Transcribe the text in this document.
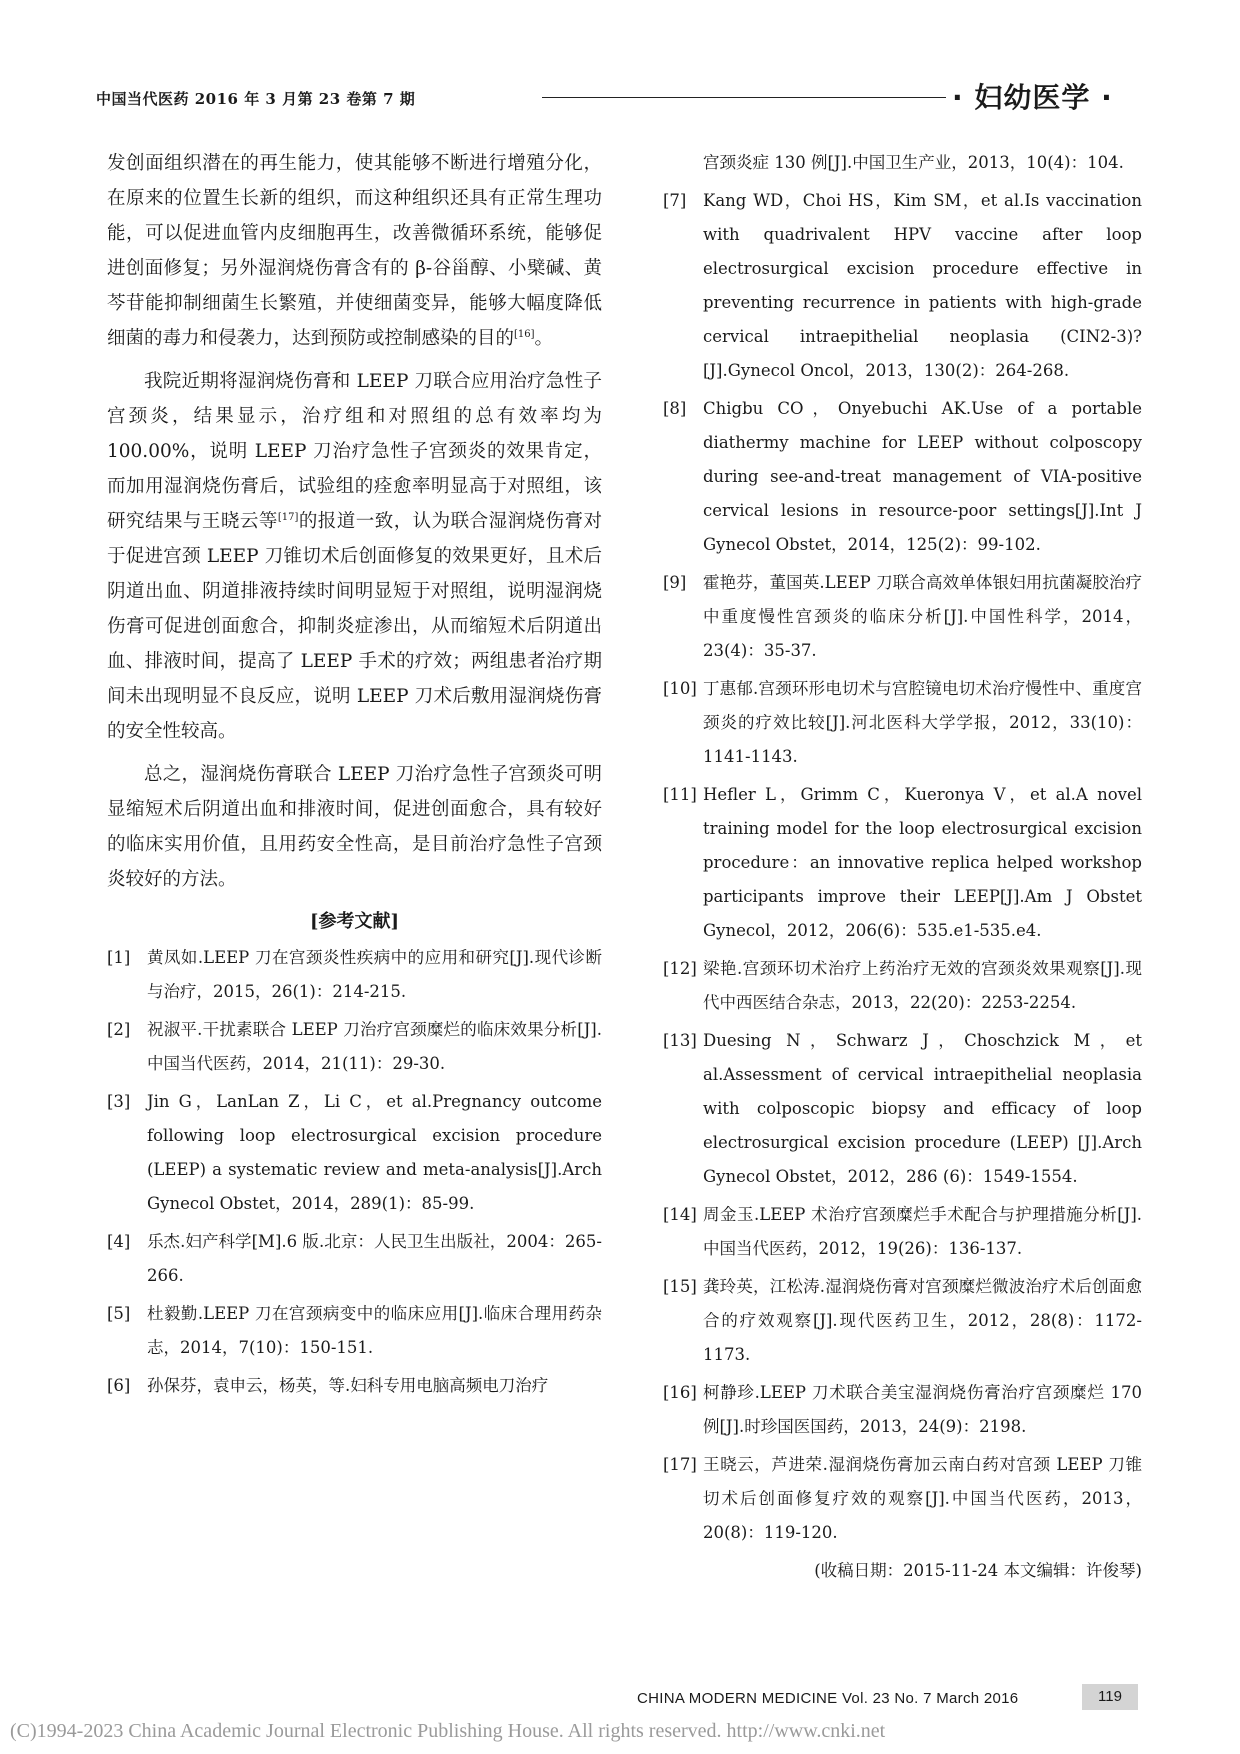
中国当代医药 2016 年 3 月第 23 卷第 7 期	· 妇幼医学 ·

发创面组织潜在的再生能力，使其能够不断进行增殖分化，在原来的位置生长新的组织，而这种组织还具有正常生理功能，可以促进血管内皮细胞再生，改善微循环系统，能够促进创面修复；另外湿润烧伤膏含有的 β-谷甾醇、小檗碱、黄芩苷能抑制细菌生长繁殖，并使细菌变异，能够大幅度降低细菌的毒力和侵袭力，达到预防或控制感染的目的[16]。

我院近期将湿润烧伤膏和 LEEP 刀联合应用治疗急性子宫颈炎，结果显示，治疗组和对照组的总有效率均为 100.00%，说明 LEEP 刀治疗急性子宫颈炎的效果肯定，而加用湿润烧伤膏后，试验组的痊愈率明显高于对照组，该研究结果与王晓云等[17]的报道一致，认为联合湿润烧伤膏对于促进宫颈 LEEP 刀锥切术后创面修复的效果更好，且术后阴道出血、阴道排液持续时间明显短于对照组，说明湿润烧伤膏可促进创面愈合，抑制炎症渗出，从而缩短术后阴道出血、排液时间，提高了 LEEP 手术的疗效；两组患者治疗期间未出现明显不良反应，说明 LEEP 刀术后敷用湿润烧伤膏的安全性较高。

总之，湿润烧伤膏联合 LEEP 刀治疗急性子宫颈炎可明显缩短术后阴道出血和排液时间，促进创面愈合，具有较好的临床实用价值，且用药安全性高，是目前治疗急性子宫颈炎较好的方法。

[参考文献]
[1]	黄凤如.LEEP 刀在宫颈炎性疾病中的应用和研究[J].现代诊断与治疗，2015，26(1)：214-215.
[2]	祝淑平.干扰素联合 LEEP 刀治疗宫颈糜烂的临床效果分析[J].中国当代医药，2014，21(11)：29-30.
[3]	Jin G，LanLan Z，Li C，et al.Pregnancy outcome following loop electrosurgical excision procedure (LEEP) a systematic review and meta-analysis[J].Arch Gynecol Obstet，2014，289(1)：85-99.
[4]	乐杰.妇产科学[M].6 版.北京：人民卫生出版社，2004：265-266.
[5]	杜毅勤.LEEP 刀在宫颈病变中的临床应用[J].临床合理用药杂志，2014，7(10)：150-151.
[6]	孙保芬，袁申云，杨英，等.妇科专用电脑高频电刀治疗
宫颈炎症 130 例[J].中国卫生产业，2013，10(4)：104.
[7]	Kang WD，Choi HS，Kim SM，et al.Is vaccination with quadrivalent HPV vaccine after loop electrosurgical excision procedure effective in preventing recurrence in patients with high-grade cervical intraepithelial neoplasia (CIN2-3)?[J].Gynecol Oncol，2013，130(2)：264-268.
[8]	Chigbu CO，Onyebuchi AK.Use of a portable diathermy machine for LEEP without colposcopy during see-and-treat management of VIA-positive cervical lesions in resource-poor settings[J].Int J Gynecol Obstet，2014，125(2)：99-102.
[9]	霍艳芬，董国英.LEEP 刀联合高效单体银妇用抗菌凝胶治疗中重度慢性宫颈炎的临床分析[J].中国性科学，2014，23(4)：35-37.
[10] 丁惠郁.宫颈环形电切术与宫腔镜电切术治疗慢性中、重度宫颈炎的疗效比较[J].河北医科大学学报，2012，33(10)：1141-1143.
[11] Hefler L，Grimm C，Kueronya V，et al.A novel training model for the loop electrosurgical excision procedure：an innovative replica helped workshop participants improve their LEEP[J].Am J Obstet Gynecol，2012，206(6)：535.e1-535.e4.
[12] 梁艳.宫颈环切术治疗上药治疗无效的宫颈炎效果观察[J].现代中西医结合杂志，2013，22(20)：2253-2254.
[13] Duesing N，Schwarz J，Choschzick M，et al.Assessment of cervical intraepithelial neoplasia with colposcopic biopsy and efficacy of loop electrosurgical excision procedure (LEEP) [J].Arch Gynecol Obstet，2012，286 (6)：1549-1554.
[14] 周金玉.LEEP 术治疗宫颈糜烂手术配合与护理措施分析[J].中国当代医药，2012，19(26)：136-137.
[15] 龚玲英，江松涛.湿润烧伤膏对宫颈糜烂微波治疗术后创面愈合的疗效观察[J].现代医药卫生，2012，28(8)：1172-1173.
[16] 柯静珍.LEEP 刀术联合美宝湿润烧伤膏治疗宫颈糜烂 170 例[J].时珍国医国药，2013，24(9)：2198.
[17] 王晓云，芦进荣.湿润烧伤膏加云南白药对宫颈 LEEP 刀锥切术后创面修复疗效的观察[J].中国当代医药，2013，20(8)：119-120.
(收稿日期：2015-11-24 本文编辑：许俊琴)
CHINA MODERN MEDICINE Vol. 23 No. 7 March 2016	119
(C)1994-2023 China Academic Journal Electronic Publishing House. All rights reserved. http://www.cnki.net
